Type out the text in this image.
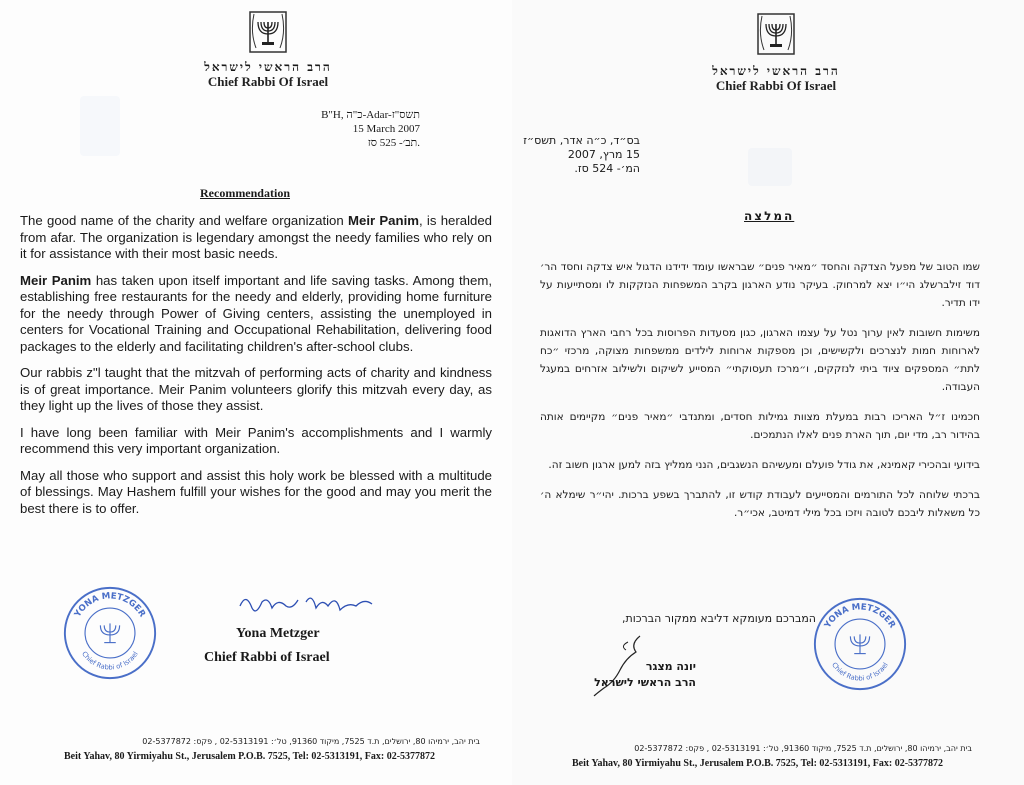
הרב הראשי לישראל
Chief Rabbi Of Israel
B"H, כ"ה-Adar-תשס"ז
15 March 2007
תב׳- 525 סז.
Recommendation

The good name of the charity and welfare organization Meir Panim, is heralded from afar. The organization is legendary amongst the needy families who rely on it for assistance with their most basic needs.

Meir Panim has taken upon itself important and life saving tasks. Among them, establishing free restaurants for the needy and elderly, providing home furniture for the needy through Power of Giving centers, assisting the unemployed in centers for Vocational Training and Occupational Rehabilitation, delivering food packages to the elderly and facilitating children's after-school clubs.

Our rabbis z"l taught that the mitzvah of performing acts of charity and kindness is of great importance. Meir Panim volunteers glorify this mitzvah every day, as they light up the lives of those they assist.

I have long been familiar with Meir Panim's accomplishments and I warmly recommend this very important organization.

May all those who support and assist this holy work be blessed with a multitude of blessings. May Hashem fulfill your wishes for the good and may you merit the best there is to offer.

YONA METZGER
Chief Rabbi of Israel
Yona Metzger
Chief Rabbi of Israel
בית יהב, ירמיהו 80, ירושלים, ת.ד 7525, מיקוד 91360, טל׳: 02-5313191 , פקס: 02-5377872
Beit Yahav, 80 Yirmiyahu St., Jerusalem P.O.B. 7525, Tel: 02-5313191, Fax: 02-5377872
הרב הראשי לישראל
Chief Rabbi Of Israel
בס״ד, כ״ה אדר, תשס״ז
15 מרץ, 2007
המ׳- 524 סז.
המלצה

שמו הטוב של מפעל הצדקה והחסד ״מאיר פנים״ שבראשו עומד ידידנו הדגול איש צדקה וחסד הר׳ דוד זילברשלג הי״ו יצא למרחוק. בעיקר נודע הארגון בקרב המשפחות הנזקקות לו ומסתייעות על ידו תדיר.

משימות חשובות לאין ערוך נטל על עצמו הארגון, כגון מסעדות הפרוסות בכל רחבי הארץ הדואגות לארוחות חמות לנצרכים ולקשישים, וכן מספקות ארוחות לילדים ממשפחות מצוקה, מרכזי ״כח לתת״ המספקים ציוד ביתי לנזקקים, ו״מרכז תעסוקתי״ המסייע לשיקום ולשילוב אזרחים במעגל העבודה.

חכמינו ז״ל האריכו רבות במעלת מצוות גמילות חסדים, ומתנדבי ״מאיר פנים״ מקיימים אותה בהידור רב, מדי יום, תוך הארת פנים לאלו הנתמכים.

בידועי ובהכירי קאמינא, את גודל פועלם ומעשיהם הנשגבים, הנני ממליץ בזה למען ארגון חשוב זה.

ברכתי שלוחה לכל התורמים והמסייעים לעבודת קודש זו, להתברך בשפע ברכות. יהי״ר שימלא ה׳ כל משאלות ליבכם לטובה ויזכו בכל מילי דמיטב, אכי״ר.

המברכם מעומקא דליבא ממקור הברכות,
יונה מצגר
הרב הראשי לישראל
YONA METZGER
Chief Rabbi of Israel
בית יהב, ירמיהו 80, ירושלים, ת.ד 7525, מיקוד 91360, טל׳: 02-5313191 , פקס: 02-5377872
Beit Yahav, 80 Yirmiyahu St., Jerusalem P.O.B. 7525, Tel: 02-5313191, Fax: 02-5377872
